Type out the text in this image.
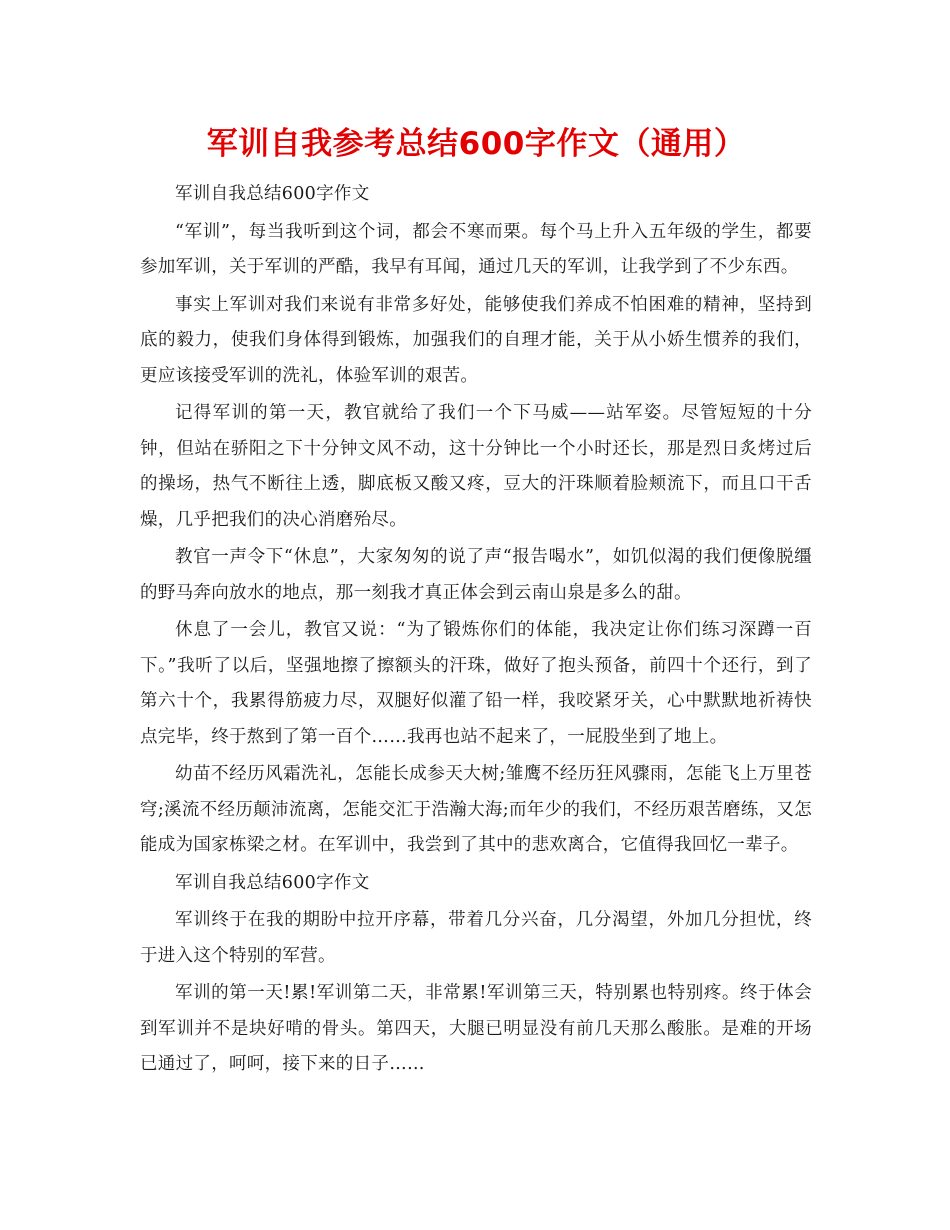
军训自我参考总结600字作文（通用）

军训自我总结600字作文

“军训”，每当我听到这个词，都会不寒而栗。每个马上升入五年级的学生，都要参加军训，关于军训的严酷，我早有耳闻，通过几天的军训，让我学到了不少东西。

事实上军训对我们来说有非常多好处，能够使我们养成不怕困难的精神，坚持到底的毅力，使我们身体得到锻炼，加强我们的自理才能，关于从小娇生惯养的我们，更应该接受军训的洗礼，体验军训的艰苦。

记得军训的第一天，教官就给了我们一个下马威——站军姿。尽管短短的十分钟，但站在骄阳之下十分钟文风不动，这十分钟比一个小时还长，那是烈日炙烤过后的操场，热气不断往上透，脚底板又酸又疼，豆大的汗珠顺着脸颊流下，而且口干舌燥，几乎把我们的决心消磨殆尽。

教官一声令下“休息”，大家匆匆的说了声“报告喝水”，如饥似渴的我们便像脱缰的野马奔向放水的地点，那一刻我才真正体会到云南山泉是多么的甜。

休息了一会儿，教官又说：“为了锻炼你们的体能，我决定让你们练习深蹲一百下。”我听了以后，坚强地擦了擦额头的汗珠，做好了抱头预备，前四十个还行，到了第六十个，我累得筋疲力尽，双腿好似灌了铅一样，我咬紧牙关，心中默默地祈祷快点完毕，终于熬到了第一百个……我再也站不起来了，一屁股坐到了地上。

幼苗不经历风霜洗礼，怎能长成参天大树;雏鹰不经历狂风骤雨，怎能飞上万里苍穹;溪流不经历颠沛流离，怎能交汇于浩瀚大海;而年少的我们，不经历艰苦磨练，又怎能成为国家栋梁之材。在军训中，我尝到了其中的悲欢离合，它值得我回忆一辈子。

军训自我总结600字作文

军训终于在我的期盼中拉开序幕，带着几分兴奋，几分渴望，外加几分担忧，终于进入这个特别的军营。

军训的第一天!累!军训第二天，非常累!军训第三天，特别累也特别疼。终于体会到军训并不是块好啃的骨头。第四天，大腿已明显没有前几天那么酸胀。是难的开场已通过了，呵呵，接下来的日子……
